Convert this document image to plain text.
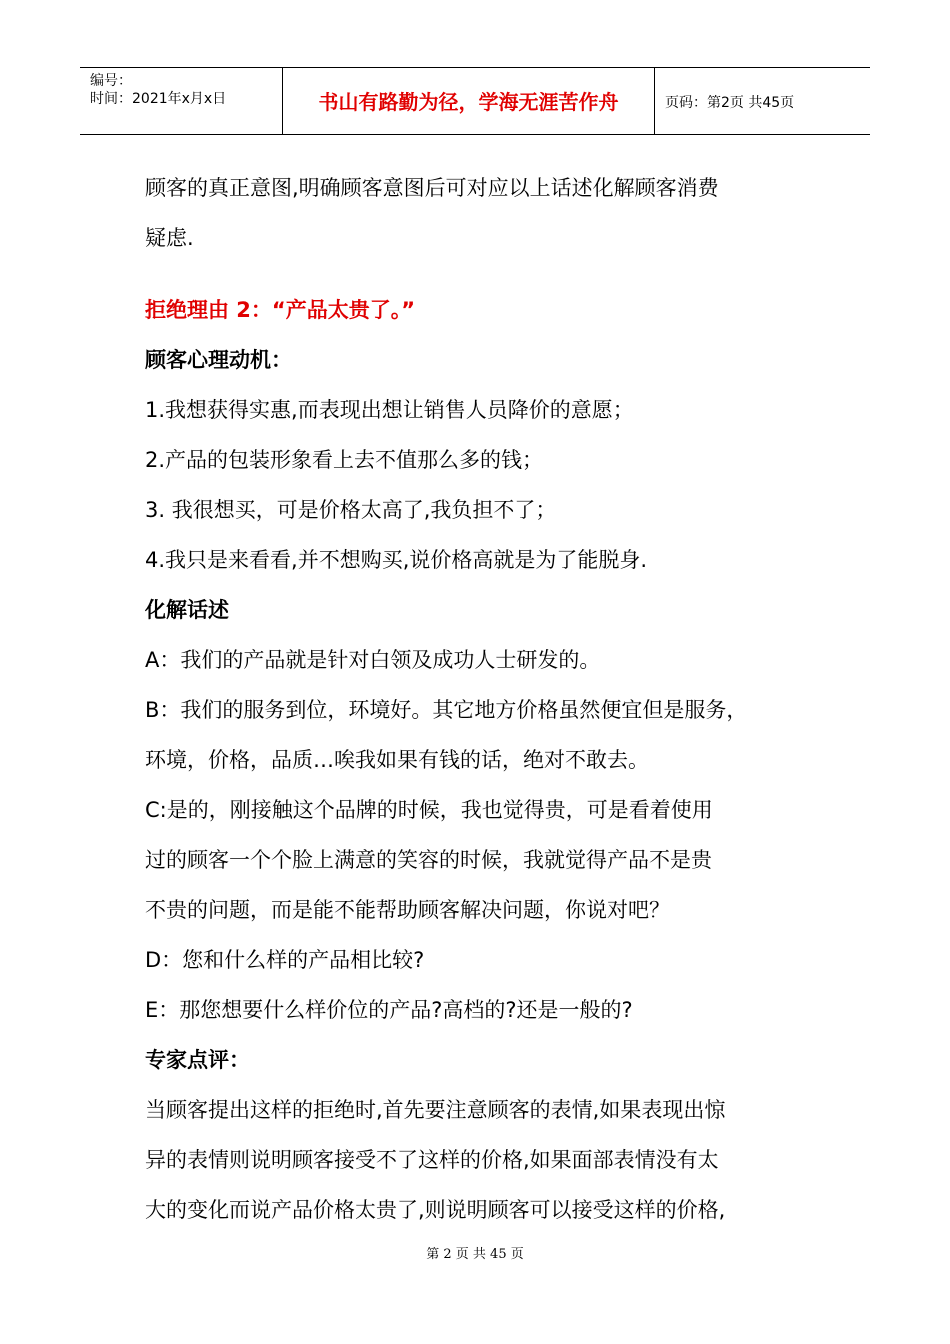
编号：
时间：2021年x月x日	书山有路勤为径，学海无涯苦作舟	页码：第2页 共45页

顾客的真正意图,明确顾客意图后可对应以上话述化解顾客消费

疑虑.

拒绝理由 2：“产品太贵了。”

顾客心理动机：

1.我想获得实惠,而表现出想让销售人员降价的意愿；

2.产品的包装形象看上去不值那么多的钱；

3. 我很想买，可是价格太高了,我负担不了；

4.我只是来看看,并不想购买,说价格高就是为了能脱身.

化解话述

A：我们的产品就是针对白领及成功人士研发的。

B：我们的服务到位，环境好。其它地方价格虽然便宜但是服务，

环境，价格，品质…唉我如果有钱的话，绝对不敢去。

C:是的，刚接触这个品牌的时候，我也觉得贵，可是看着使用

过的顾客一个个脸上满意的笑容的时候，我就觉得产品不是贵

不贵的问题，而是能不能帮助顾客解决问题，你说对吧？

D：您和什么样的产品相比较?

E：那您想要什么样价位的产品?高档的?还是一般的?

专家点评：

当顾客提出这样的拒绝时,首先要注意顾客的表情,如果表现出惊

异的表情则说明顾客接受不了这样的价格,如果面部表情没有太

大的变化而说产品价格太贵了,则说明顾客可以接受这样的价格,

第 2 页 共 45 页
